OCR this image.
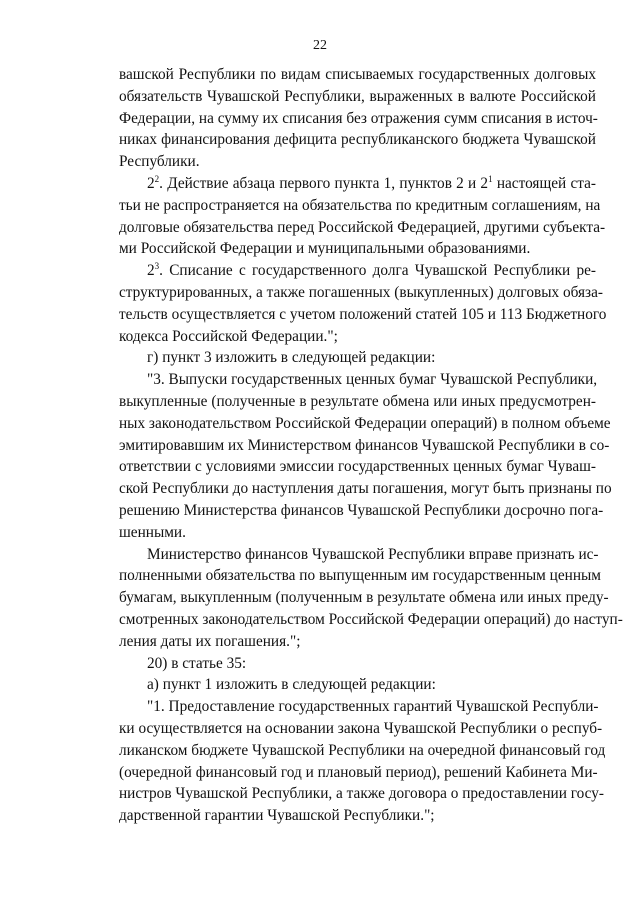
22
вашской Республики по видам списываемых государственных долговых
обязательств Чувашской Республики, выраженных в валюте Российской
Федерации, на сумму их списания без отражения сумм списания в источ-
никах финансирования дефицита республиканского бюджета Чувашской
Республики.
$2^2$. Действие абзаца первого пункта 1, пунктов 2 и $2^1$ настоящей ста-
тьи не распространяется на обязательства по кредитным соглашениям, на
долговые обязательства перед Российской Федерацией, другими субъекта-
ми Российской Федерации и муниципальными образованиями.
$2^3$. Списание с государственного долга Чувашской Республики ре-
структурированных, а также погашенных (выкупленных) долговых обяза-
тельств осуществляется с учетом положений статей 105 и 113 Бюджетного
кодекса Российской Федерации.";
г) пункт 3 изложить в следующей редакции:
"3. Выпуски государственных ценных бумаг Чувашской Республики,
выкупленные (полученные в результате обмена или иных предусмотрен-
ных законодательством Российской Федерации операций) в полном объеме
эмитировавшим их Министерством финансов Чувашской Республики в со-
ответствии с условиями эмиссии государственных ценных бумаг Чуваш-
ской Республики до наступления даты погашения, могут быть признаны по
решению Министерства финансов Чувашской Республики досрочно пога-
шенными.
Министерство финансов Чувашской Республики вправе признать ис-
полненными обязательства по выпущенным им государственным ценным
бумагам, выкупленным (полученным в результате обмена или иных преду-
смотренных законодательством Российской Федерации операций) до наступ-
ления даты их погашения.";
20) в статье 35:
а) пункт 1 изложить в следующей редакции:
"1. Предоставление государственных гарантий Чувашской Республи-
ки осуществляется на основании закона Чувашской Республики о респуб-
ликанском бюджете Чувашской Республики на очередной финансовый год
(очередной финансовый год и плановый период), решений Кабинета Ми-
нистров Чувашской Республики, а также договора о предоставлении госу-
дарственной гарантии Чувашской Республики.";
